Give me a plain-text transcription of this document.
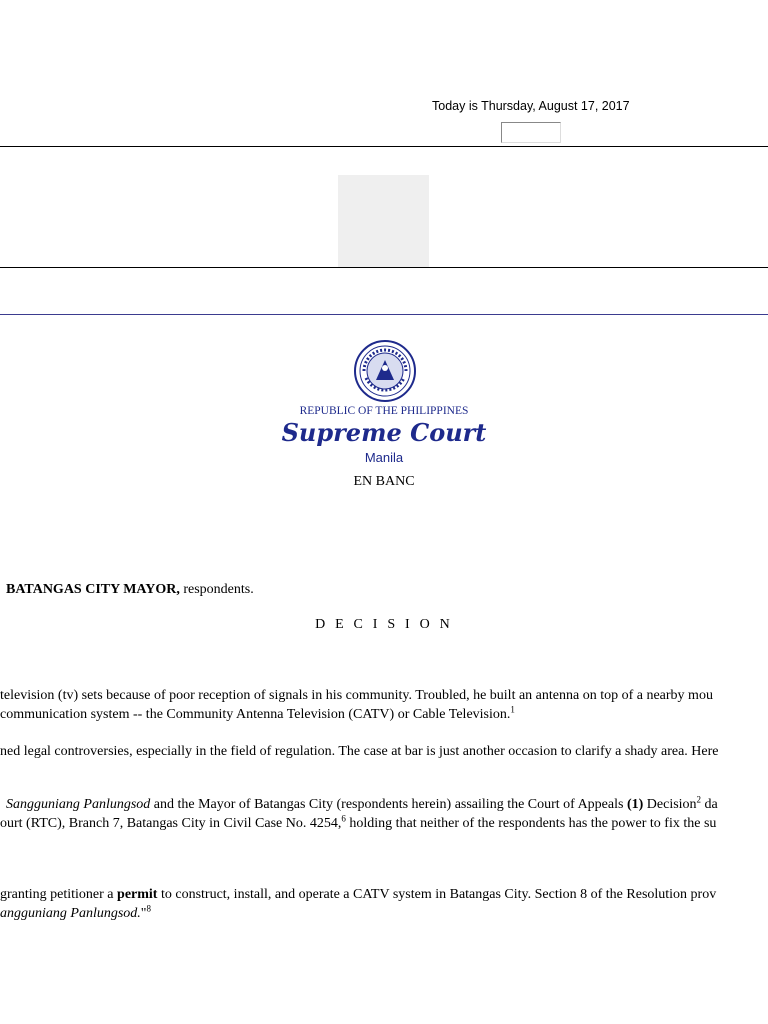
Today is Thursday, August 17, 2017
REPUBLIC OF THE PHILIPPINES
Supreme Court
Manila
EN BANC
BATANGAS CITY MAYOR, respondents.
D E C I S I O N
television (tv) sets because of poor reception of signals in his community. Troubled, he built an antenna on top of a nearby mou
communication system -- the Community Antenna Television (CATV) or Cable Television.$^1$
ned legal controversies, especially in the field of regulation. The case at bar is just another occasion to clarify a shady area. Here
Sangguniang Panlungsod and the Mayor of Batangas City (respondents herein) assailing the Court of Appeals (1) Decision$^2$ da
ourt (RTC), Branch 7, Batangas City in Civil Case No. 4254,$^6$ holding that neither of the respondents has the power to fix the su
granting petitioner a permit to construct, install, and operate a CATV system in Batangas City. Section 8 of the Resolution prov
angguniang Panlungsod."$^8$
